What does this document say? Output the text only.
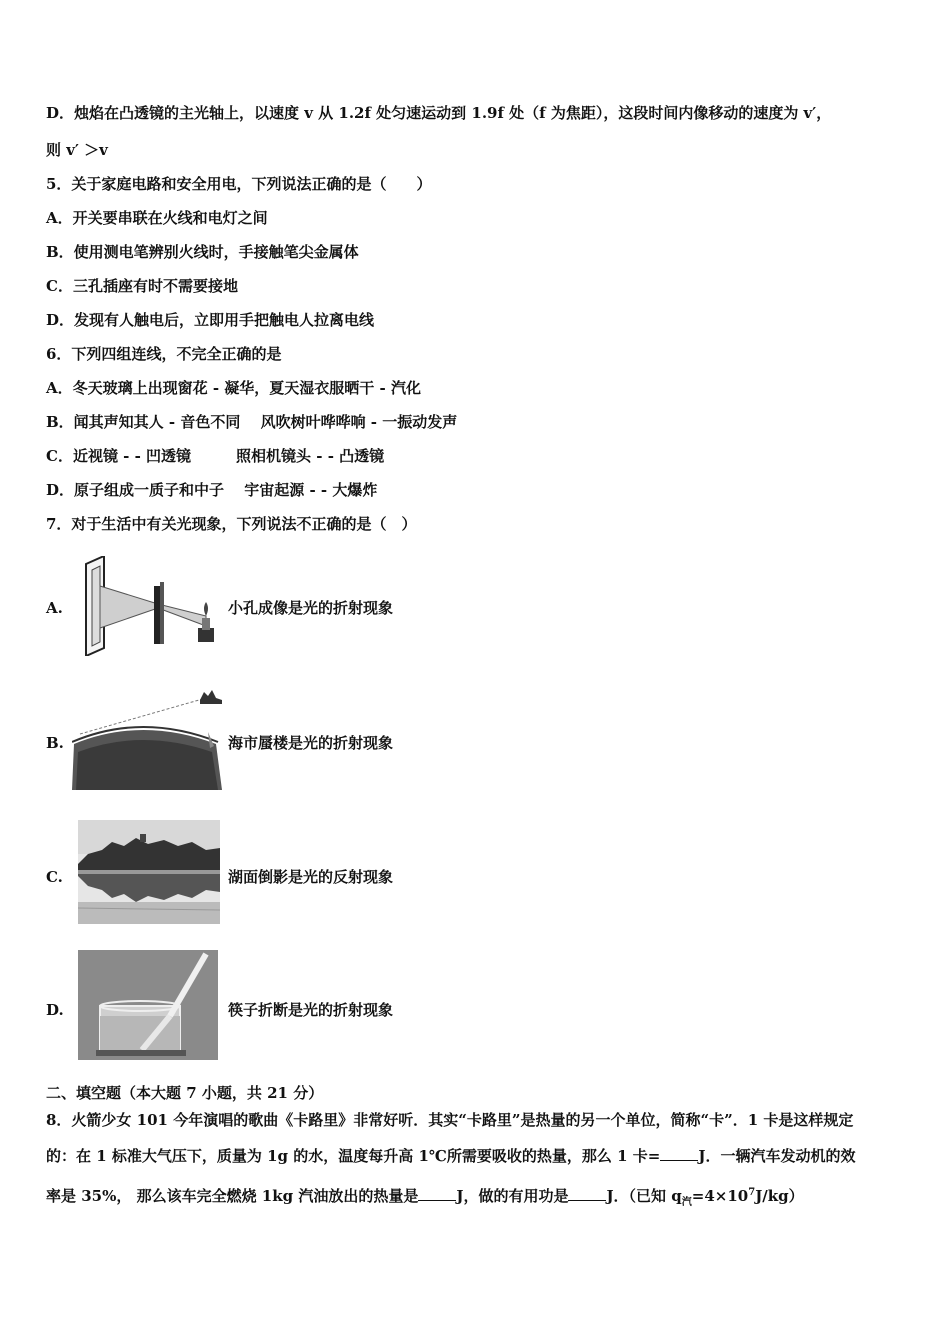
D．烛焰在凸透镜的主光轴上，以速度 v 从 1.2f 处匀速运动到 1.9f 处（f 为焦距），这段时间内像移动的速度为 v′，
则 v′ ＞v
5．关于家庭电路和安全用电，下列说法正确的是（　　）
A．开关要串联在火线和电灯之间
B．使用测电笔辨别火线时，手接触笔尖金属体
C．三孔插座有时不需要接地
D．发现有人触电后，立即用手把触电人拉离电线
6．下列四组连线，不完全正确的是
A．冬天玻璃上出现窗花 - 凝华，夏天湿衣服晒干 - 汽化
B．闻其声知其人 - 音色不同　 风吹树叶哗哗响 - 一振动发声
C．近视镜 - - 凹透镜　　　照相机镜头 - - 凸透镜
D．原子组成一质子和中子　 宇宙起源 - - 大爆炸
7．对于生活中有关光现象，下列说法不正确的是（　）
A.	小孔成像是光的折射现象
B.	海市蜃楼是光的折射现象
C.	湖面倒影是光的反射现象
D.	筷子折断是光的折射现象
二、填空题（本大题 7 小题，共 21 分）
8．火箭少女 101 今年演唱的歌曲《卡路里》非常好听．其实“卡路里”是热量的另一个单位，简称“卡”．1 卡是这样规定
的：在 1 标准大气压下，质量为 1g 的水，温度每升高 1℃所需要吸收的热量，那么 1 卡=	J．一辆汽车发动机的效
率是 35%， 那么该车完全燃烧 1kg 汽油放出的热量是	J，做的有用功是	J．（已知 $q_汽=4\times 10^7J/kg$）
